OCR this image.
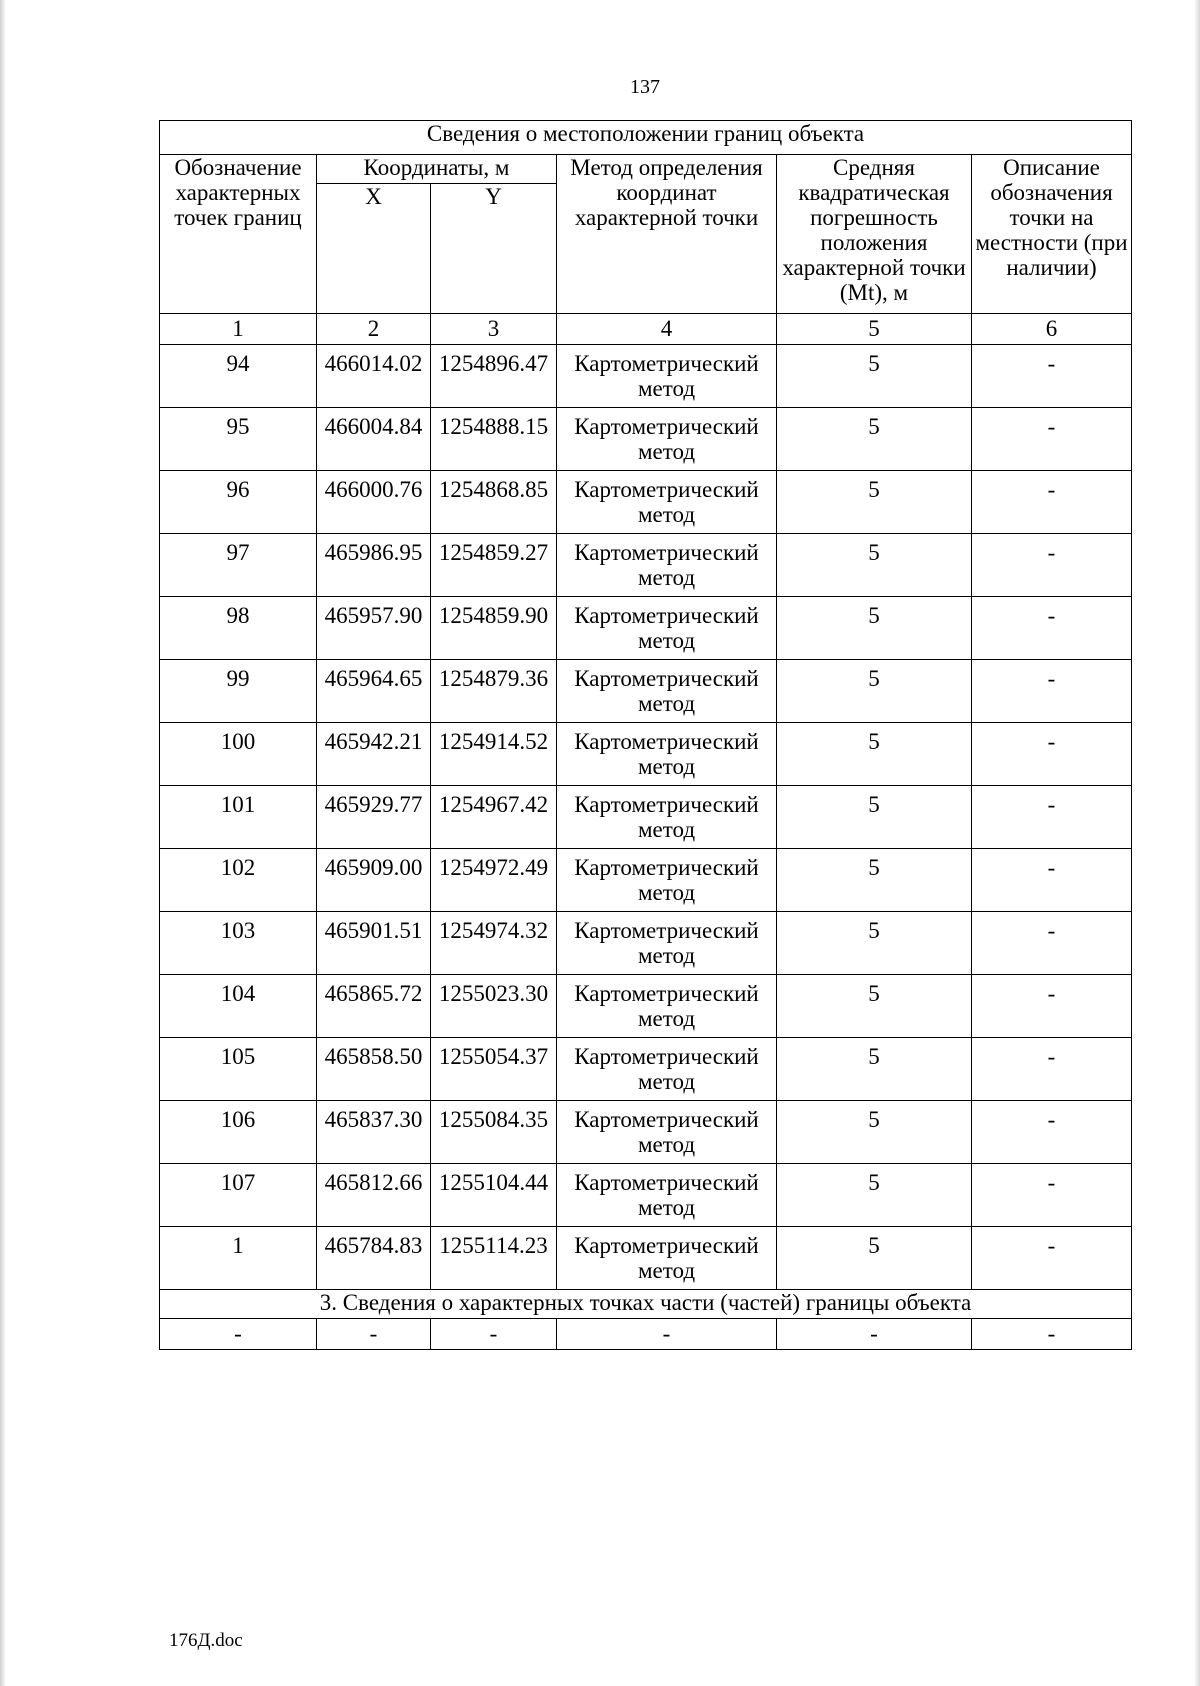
137
Сведения о местоположении границ объекта					
Обозначение характерных точек границ	Координаты, м		Метод определения координат характерной точки	Средняя квадратическая погрешность положения характерной точки (Mt), м	Описание обозначения точки на местности (при наличии)
	X	Y			
1	2	3	4	5	6
94	466014.02	1254896.47	Картометрический метод	5	-
95	466004.84	1254888.15	Картометрический метод	5	-
96	466000.76	1254868.85	Картометрический метод	5	-
97	465986.95	1254859.27	Картометрический метод	5	-
98	465957.90	1254859.90	Картометрический метод	5	-
99	465964.65	1254879.36	Картометрический метод	5	-
100	465942.21	1254914.52	Картометрический метод	5	-
101	465929.77	1254967.42	Картометрический метод	5	-
102	465909.00	1254972.49	Картометрический метод	5	-
103	465901.51	1254974.32	Картометрический метод	5	-
104	465865.72	1255023.30	Картометрический метод	5	-
105	465858.50	1255054.37	Картометрический метод	5	-
106	465837.30	1255084.35	Картометрический метод	5	-
107	465812.66	1255104.44	Картометрический метод	5	-
1	465784.83	1255114.23	Картометрический метод	5	-
3. Сведения о характерных точках части (частей) границы объекта					
-	-	-	-	-	-
176Д.doc
